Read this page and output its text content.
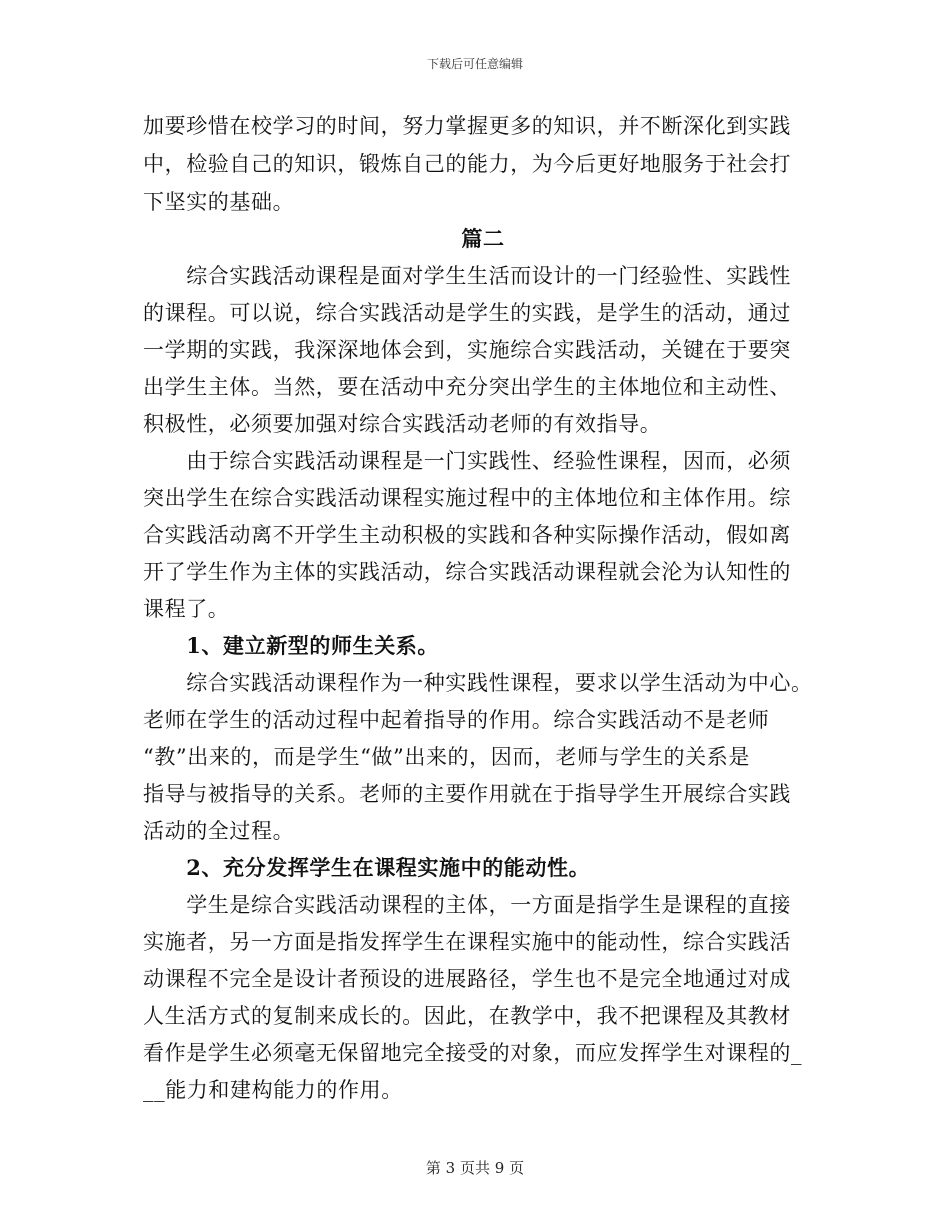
下载后可任意编辑
加要珍惜在校学习的时间，努力掌握更多的知识，并不断深化到实践
中，检验自己的知识，锻炼自己的能力，为今后更好地服务于社会打
下坚实的基础。
篇二
　　综合实践活动课程是面对学生生活而设计的一门经验性、实践性
的课程。可以说，综合实践活动是学生的实践，是学生的活动，通过
一学期的实践，我深深地体会到，实施综合实践活动，关键在于要突
出学生主体。当然，要在活动中充分突出学生的主体地位和主动性、
积极性，必须要加强对综合实践活动老师的有效指导。
　　由于综合实践活动课程是一门实践性、经验性课程，因而，必须
突出学生在综合实践活动课程实施过程中的主体地位和主体作用。综
合实践活动离不开学生主动积极的实践和各种实际操作活动，假如离
开了学生作为主体的实践活动，综合实践活动课程就会沦为认知性的
课程了。
　　1、建立新型的师生关系。
　　综合实践活动课程作为一种实践性课程，要求以学生活动为中心。
老师在学生的活动过程中起着指导的作用。综合实践活动不是老师
“教”出来的，而是学生“做”出来的，因而，老师与学生的关系是
指导与被指导的关系。老师的主要作用就在于指导学生开展综合实践
活动的全过程。
　　2、充分发挥学生在课程实施中的能动性。
　　学生是综合实践活动课程的主体，一方面是指学生是课程的直接
实施者，另一方面是指发挥学生在课程实施中的能动性，综合实践活
动课程不完全是设计者预设的进展路径，学生也不是完全地通过对成
人生活方式的复制来成长的。因此，在教学中，我不把课程及其教材
看作是学生必须毫无保留地完全接受的对象，而应发挥学生对课程的_
__能力和建构能力的作用。
第 3 页共 9 页
